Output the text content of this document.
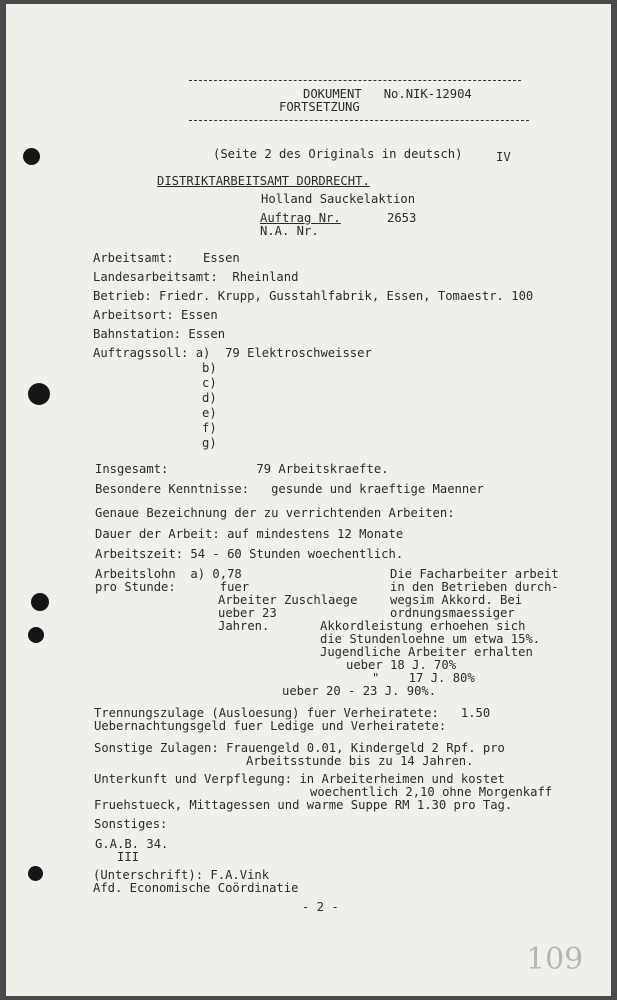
DOKUMENT   No.NIK-12904
FORTSETZUNG
(Seite 2 des Originals in deutsch)	IV
DISTRIKTARBEITSAMT DORDRECHT.
Holland Sauckelaktion
Auftrag Nr.	2653
N.A. Nr.
Arbeitsamt:    Essen
Landesarbeitsamt:  Rheinland
Betrieb: Friedr. Krupp, Gusstahlfabrik, Essen, Tomaestr. 100
Arbeitsort: Essen
Bahnstation: Essen
Auftragssoll: a)  79 Elektroschweisser
b)
c)
d)
e)
f)
g)
Insgesamt:            79 Arbeitskraefte.
Besondere Kenntnisse:   gesunde und kraeftige Maenner
Genaue Bezeichnung der zu verrichtenden Arbeiten:
Dauer der Arbeit: auf mindestens 12 Monate
Arbeitszeit: 54 - 60 Stunden woechentlich.
Arbeitslohn  a) 0,78
pro Stunde:      fuer
Arbeiter Zuschlaege
ueber 23
Jahren.
Die Facharbeiter arbeit
in den Betrieben durch-
wegsim Akkord. Bei
ordnungsmaessiger
Akkordleistung erhoehen sich
die Stundenloehne um etwa 15%.
Jugendliche Arbeiter erhalten
ueber 18 J. 70%
"    17 J. 80%
ueber 20 - 23 J. 90%.
Trennungszulage (Ausloesung) fuer Verheiratete:   1.50
Uebernachtungsgeld fuer Ledige und Verheiratete:
Sonstige Zulagen: Frauengeld 0.01, Kindergeld 2 Rpf. pro
Arbeitsstunde bis zu 14 Jahren.
Unterkunft und Verpflegung: in Arbeiterheimen und kostet
woechentlich 2,10 ohne Morgenkaff
Fruehstueck, Mittagessen und warme Suppe RM 1.30 pro Tag.
Sonstiges:
G.A.B. 34.
III
(Unterschrift): F.A.Vink
Afd. Economische Coördinatie
- 2 -
109
